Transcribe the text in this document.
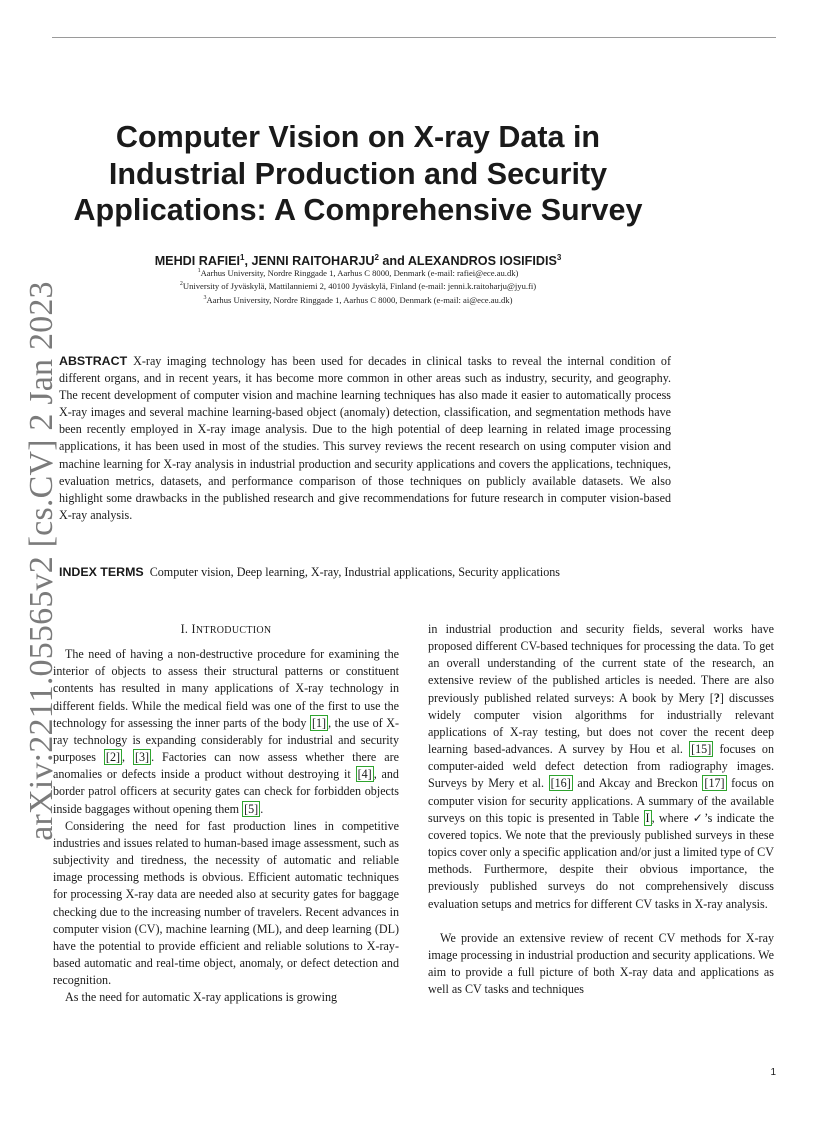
arXiv:2211.05565v2 [cs.CV] 2 Jan 2023
Computer Vision on X-ray Data in
Industrial Production and Security
Applications: A Comprehensive Survey
MEHDI RAFIEI$^1$, JENNI RAITOHARJU$^2$ and ALEXANDROS IOSIFIDIS$^3$
$^1$Aarhus University, Nordre Ringgade 1, Aarhus C 8000, Denmark (e-mail: rafiei@ece.au.dk)
$^2$University of Jyväskylä, Mattilanniemi 2, 40100 Jyväskylä, Finland (e-mail: jenni.k.raitoharju@jyu.fi)
$^3$Aarhus University, Nordre Ringgade 1, Aarhus C 8000, Denmark (e-mail: ai@ece.au.dk)
ABSTRACT X-ray imaging technology has been used for decades in clinical tasks to reveal the internal condition of different organs, and in recent years, it has become more common in other areas such as industry, security, and geography. The recent development of computer vision and machine learning techniques has also made it easier to automatically process X-ray images and several machine learning-based object (anomaly) detection, classification, and segmentation methods have been recently employed in X-ray image analysis. Due to the high potential of deep learning in related image processing applications, it has been used in most of the studies. This survey reviews the recent research on using computer vision and machine learning for X-ray analysis in industrial production and security applications and covers the applications, techniques, evaluation metrics, datasets, and performance comparison of those techniques on publicly available datasets. We also highlight some drawbacks in the published research and give recommendations for future research in computer vision-based X-ray analysis.
INDEX TERMS Computer vision, Deep learning, X-ray, Industrial applications, Security applications
I. INTRODUCTION

The need of having a non-destructive procedure for examining the interior of objects to assess their structural patterns or constituent contents has resulted in many applications of X-ray technology in different fields. While the medical field was one of the first to use the technology for assessing the inner parts of the body [1] , the use of X-ray technology is expanding considerably for industrial and security purposes [2] , [3] . Factories can now assess whether there are anomalies or defects inside a product without destroying it [4] , and border patrol officers at security gates can check for forbidden objects inside baggages without opening them [5] .

Considering the need for fast production lines in competitive industries and issues related to human-based image assessment, such as subjectivity and tiredness, the necessity of automatic and reliable image processing methods is obvious. Efficient automatic techniques for processing X-ray data are needed also at security gates for baggage checking due to the increasing number of travelers. Recent advances in computer vision (CV), machine learning (ML), and deep learning (DL) have the potential to provide efficient and reliable solutions to X-ray-based automatic and real-time object, anomaly, or defect detection and recognition.

As the need for automatic X-ray applications is growing

in industrial production and security fields, several works have proposed different CV-based techniques for processing the data. To get an overall understanding of the current state of the research, an extensive review of the published articles is needed. There are also previously published related surveys: A book by Mery [?] discusses widely computer vision algorithms for industrially relevant applications of X-ray testing, but does not cover the recent deep learning based-advances. A survey by Hou et al. [15] focuses on computer-aided weld defect detection from radiography images. Surveys by Mery et al. [16] and Akcay and Breckon [17] focus on computer vision for security applications. A summary of the available surveys on this topic is presented in Table I , where ✓’s indicate the covered topics. We note that the previously published surveys in these topics cover only a specific application and/or just a limited type of CV methods. Furthermore, despite their obvious importance, the previously published surveys do not comprehensively discuss evaluation setups and metrics for different CV tasks in X-ray analysis.

We provide an extensive review of recent CV methods for X-ray image processing in industrial production and security applications. We aim to provide a full picture of both X-ray data and applications as well as CV tasks and techniques

1
